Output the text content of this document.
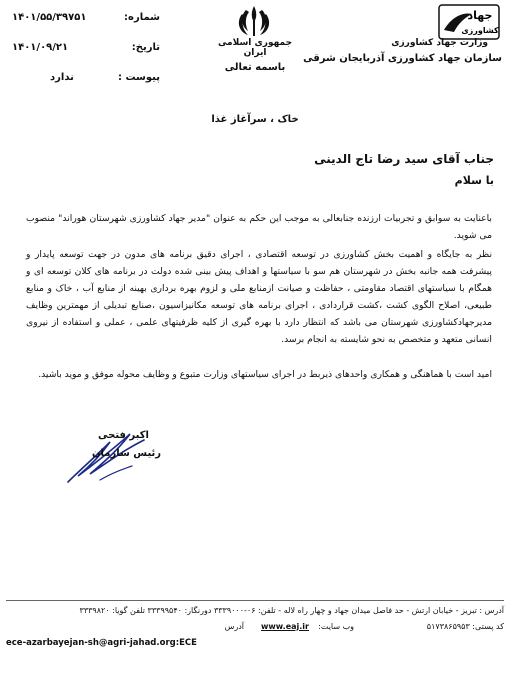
شماره:
۱۴۰۱/۵۵/۳۹۷۵۱
تاریخ:
۱۴۰۱/۰۹/۲۱
پیوست :
ندارد
جمهوری اسلامی ایران
باسمه تعالی
جهاد
کشاورزی
وزارت جهاد کشاورزی
سازمان جهاد کشاورزی آذربایجان شرقی
خاک ، سرآغاز غذا
جناب آقای سید رضا تاج الدینی
با سلام
باعنایت به سوابق و تجربیات ارزنده جنابعالی به موجب این حکم به عنوان "مدیر جهاد کشاورزی شهرستان هوراند" منصوب می شوید.
نظر به جایگاه و اهمیت بخش کشاورزی در توسعه اقتصادی ، اجرای دقیق برنامه های مدون در جهت توسعه پایدار و پیشرفت همه جانبه بخش در شهرستان هم سو با سیاستها و اهداف پیش بینی شده دولت در برنامه های کلان توسعه ای و همگام با سیاستهای اقتصاد مقاومتی ، حفاظت و صیانت ازمنابع ملی و لزوم بهره برداری بهینه از منابع آب ، خاک و منابع طبیعی، اصلاح الگوی کشت ،کشت قراردادی ، اجرای برنامه های توسعه مکانیزاسیون ،صنایع تبدیلی از مهمترین وظایف مدیرجهادکشاورزی شهرستان می باشد که انتظار دارد با بهره گیری از کلیه ظرفیتهای علمی ، عملی و استفاده از نیروی انسانی متعهد و متخصص به نحو شایسته به انجام برسد.
امید است با هماهنگی و همکاری واحدهای ذیربط در اجرای سیاستهای وزارت متبوع و وظایف محوله موفق و موید باشید.
اکبر فتحی
رئیس سازمان
آدرس : تبریز - خیابان ارتش - حد فاصل میدان جهاد و چهار راه لاله - تلفن: ۰۶-۳۳۳۹۰۰۰ دورنگار: ۳۳۳۹۹۵۴۰ تلفن گویا: ۳۳۳۹۸۲۰
کد پستی: ۵۱۷۳۸۶۵۹۵۳
وب سایت:
www.eaj.ir
آدرس
ece-azarbayejan-sh@agri-jahad.org:ECE
